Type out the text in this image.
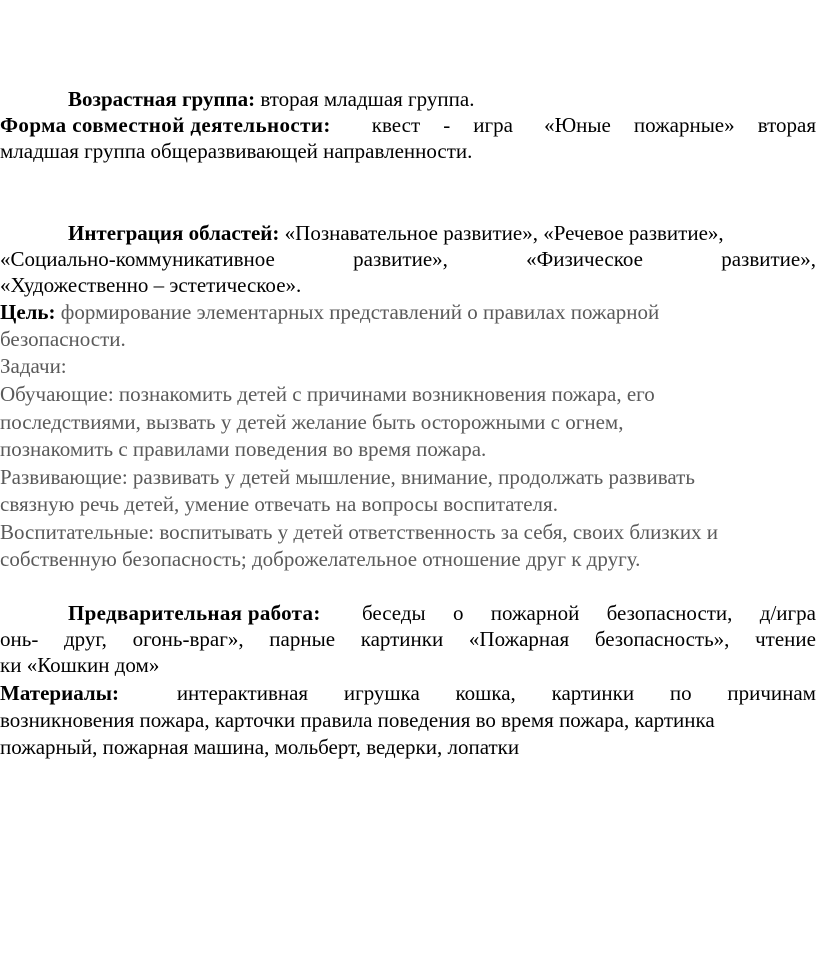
Возрастная группа: вторая младшая группа.
Форма совместной деятельности: квест - игра «Юные пожарные» вторая
младшая группа общеразвивающей направленности.
Интеграция областей: «Познавательное развитие», «Речевое развитие»,
«Социально-коммуникативное	развитие»,	«Физическое	развитие»,
«Художественно – эстетическое».
Цель: формирование элементарных представлений о правилах пожарной
безопасности.
Задачи:
Обучающие: познакомить детей с причинами возникновения пожара, его
последствиями, вызвать у детей желание быть осторожными с огнем,
познакомить с правилами поведения во время пожара.
Развивающие: развивать у детей мышление, внимание, продолжать развивать
связную речь детей, умение отвечать на вопросы воспитателя.
Воспитательные: воспитывать у детей ответственность за себя, своих близких и
собственную безопасность; доброжелательное отношение друг к другу.
Предварительная работа: беседы о пожарной безопасности, д/игра
онь- друг, огонь-враг», парные картинки «Пожарная безопасность», чтение
ки «Кошкин дом»
Материалы:	интерактивная игрушка кошка, картинки по причинам
возникновения пожара, карточки правила поведения во время пожара, картинка
пожарный, пожарная машина, мольберт, ведерки, лопатки
